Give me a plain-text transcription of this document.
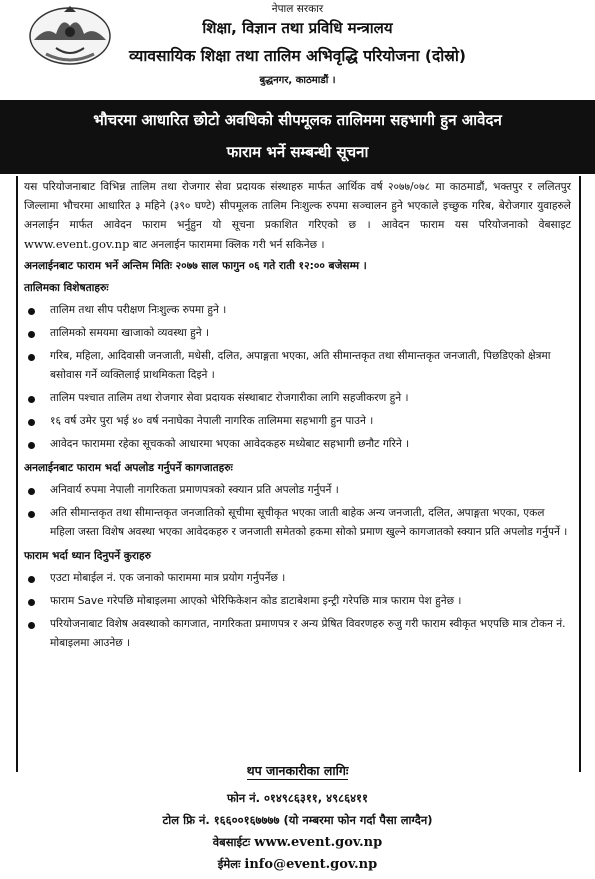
नेपाल सरकार
शिक्षा, विज्ञान तथा प्रविधि मन्त्रालय
व्यावसायिक शिक्षा तथा तालिम अभिवृद्धि परियोजना (दोस्रो)
बुद्धनगर, काठमाडौं ।
भौचरमा आधारित छोटो अवधिको सीपमूलक तालिममा सहभागी हुन आवेदन
फाराम भर्ने सम्बन्धी सूचना
यस परियोजनाबाट विभिन्न तालिम तथा रोजगार सेवा प्रदायक संस्थाहरु मार्फत आर्थिक वर्ष २०७७/०७८ मा काठमाडौं, भक्तपुर र ललितपुर जिल्लामा भौचरमा आधारित ३ महिने (३९० घण्टे) सीपमूलक तालिम निःशुल्क रुपमा सञ्चालन हुने भएकाले इच्छुक गरिब, बेरोजगार युवाहरुले अनलाईन मार्फत आवेदन फाराम भर्नुहुन यो सूचना प्रकाशित गरिएको छ । आवेदन फाराम यस परियोजनाको वेबसाइट www.event.gov.np बाट अनलाईन फाराममा क्लिक गरी भर्न सकिनेछ ।
अनलाईनबाट फाराम भर्ने अन्तिम मितिः २०७७ साल फागुन ०६ गते राती १२:०० बजेसम्म ।
तालिमका विशेषताहरुः
तालिम तथा सीप परीक्षण निःशुल्क रुपमा हुने ।
तालिमको समयमा खाजाको व्यवस्था हुने ।
गरिब, महिला, आदिवासी जनजाती, मधेसी, दलित, अपाङ्गता भएका, अति सीमान्तकृत तथा सीमान्तकृत जनजाती, पिछडिएको क्षेत्रमा बसोवास गर्ने व्यक्तिलाई प्राथमिकता दिइने ।
तालिम पश्चात तालिम तथा रोजगार सेवा प्रदायक संस्थाबाट रोजगारीका लागि सहजीकरण हुने ।
१६ वर्ष उमेर पुरा भई ४० वर्ष ननाघेका नेपाली नागरिक तालिममा सहभागी हुन पाउने ।
आवेदन फाराममा रहेका सूचकको आधारमा भएका आवेदकहरु मध्येबाट सहभागी छनौट गरिने ।
अनलाईनबाट फाराम भर्दा अपलोड गर्नुपर्ने कागजातहरुः
अनिवार्य रुपमा नेपाली नागरिकता प्रमाणपत्रको स्क्यान प्रति अपलोड गर्नुपर्ने ।
अति सीमान्तकृत तथा सीमान्तकृत जनजातिको सूचीमा सूचीकृत भएका जाती बाहेक अन्य जनजाती, दलित, अपाङ्गता भएका, एकल महिला जस्ता विशेष अवस्था भएका आवेदकहरु र जनजाती समेतको हकमा सोको प्रमाण खुल्ने कागजातको स्क्यान प्रति अपलोड गर्नुपर्ने ।
फाराम भर्दा ध्यान दिनुपर्ने कुराहरु
एउटा मोबाईल नं. एक जनाको फाराममा मात्र प्रयोग गर्नुपर्नेछ ।
फाराम Save गरेपछि मोबाइलमा आएको भेरिफिकेशन कोड डाटाबेशमा इन्ट्री गरेपछि मात्र फाराम पेश हुनेछ ।
परियोजनाबाट विशेष अवस्थाको कागजात, नागरिकता प्रमाणपत्र र अन्य प्रेषित विवरणहरु रुजु गरी फाराम स्वीकृत भएपछि मात्र टोकन नं. मोबाइलमा आउनेछ ।
थप जानकारीका लागिः
फोन नं. ०१४९८६३११, ४९८६४११
टोल फ्रि नं. १६६००१६७७७७ (यो नम्बरमा फोन गर्दा पैसा लाग्दैन)
वेबसाईटः www.event.gov.np
ईमेलः info@event.gov.np
